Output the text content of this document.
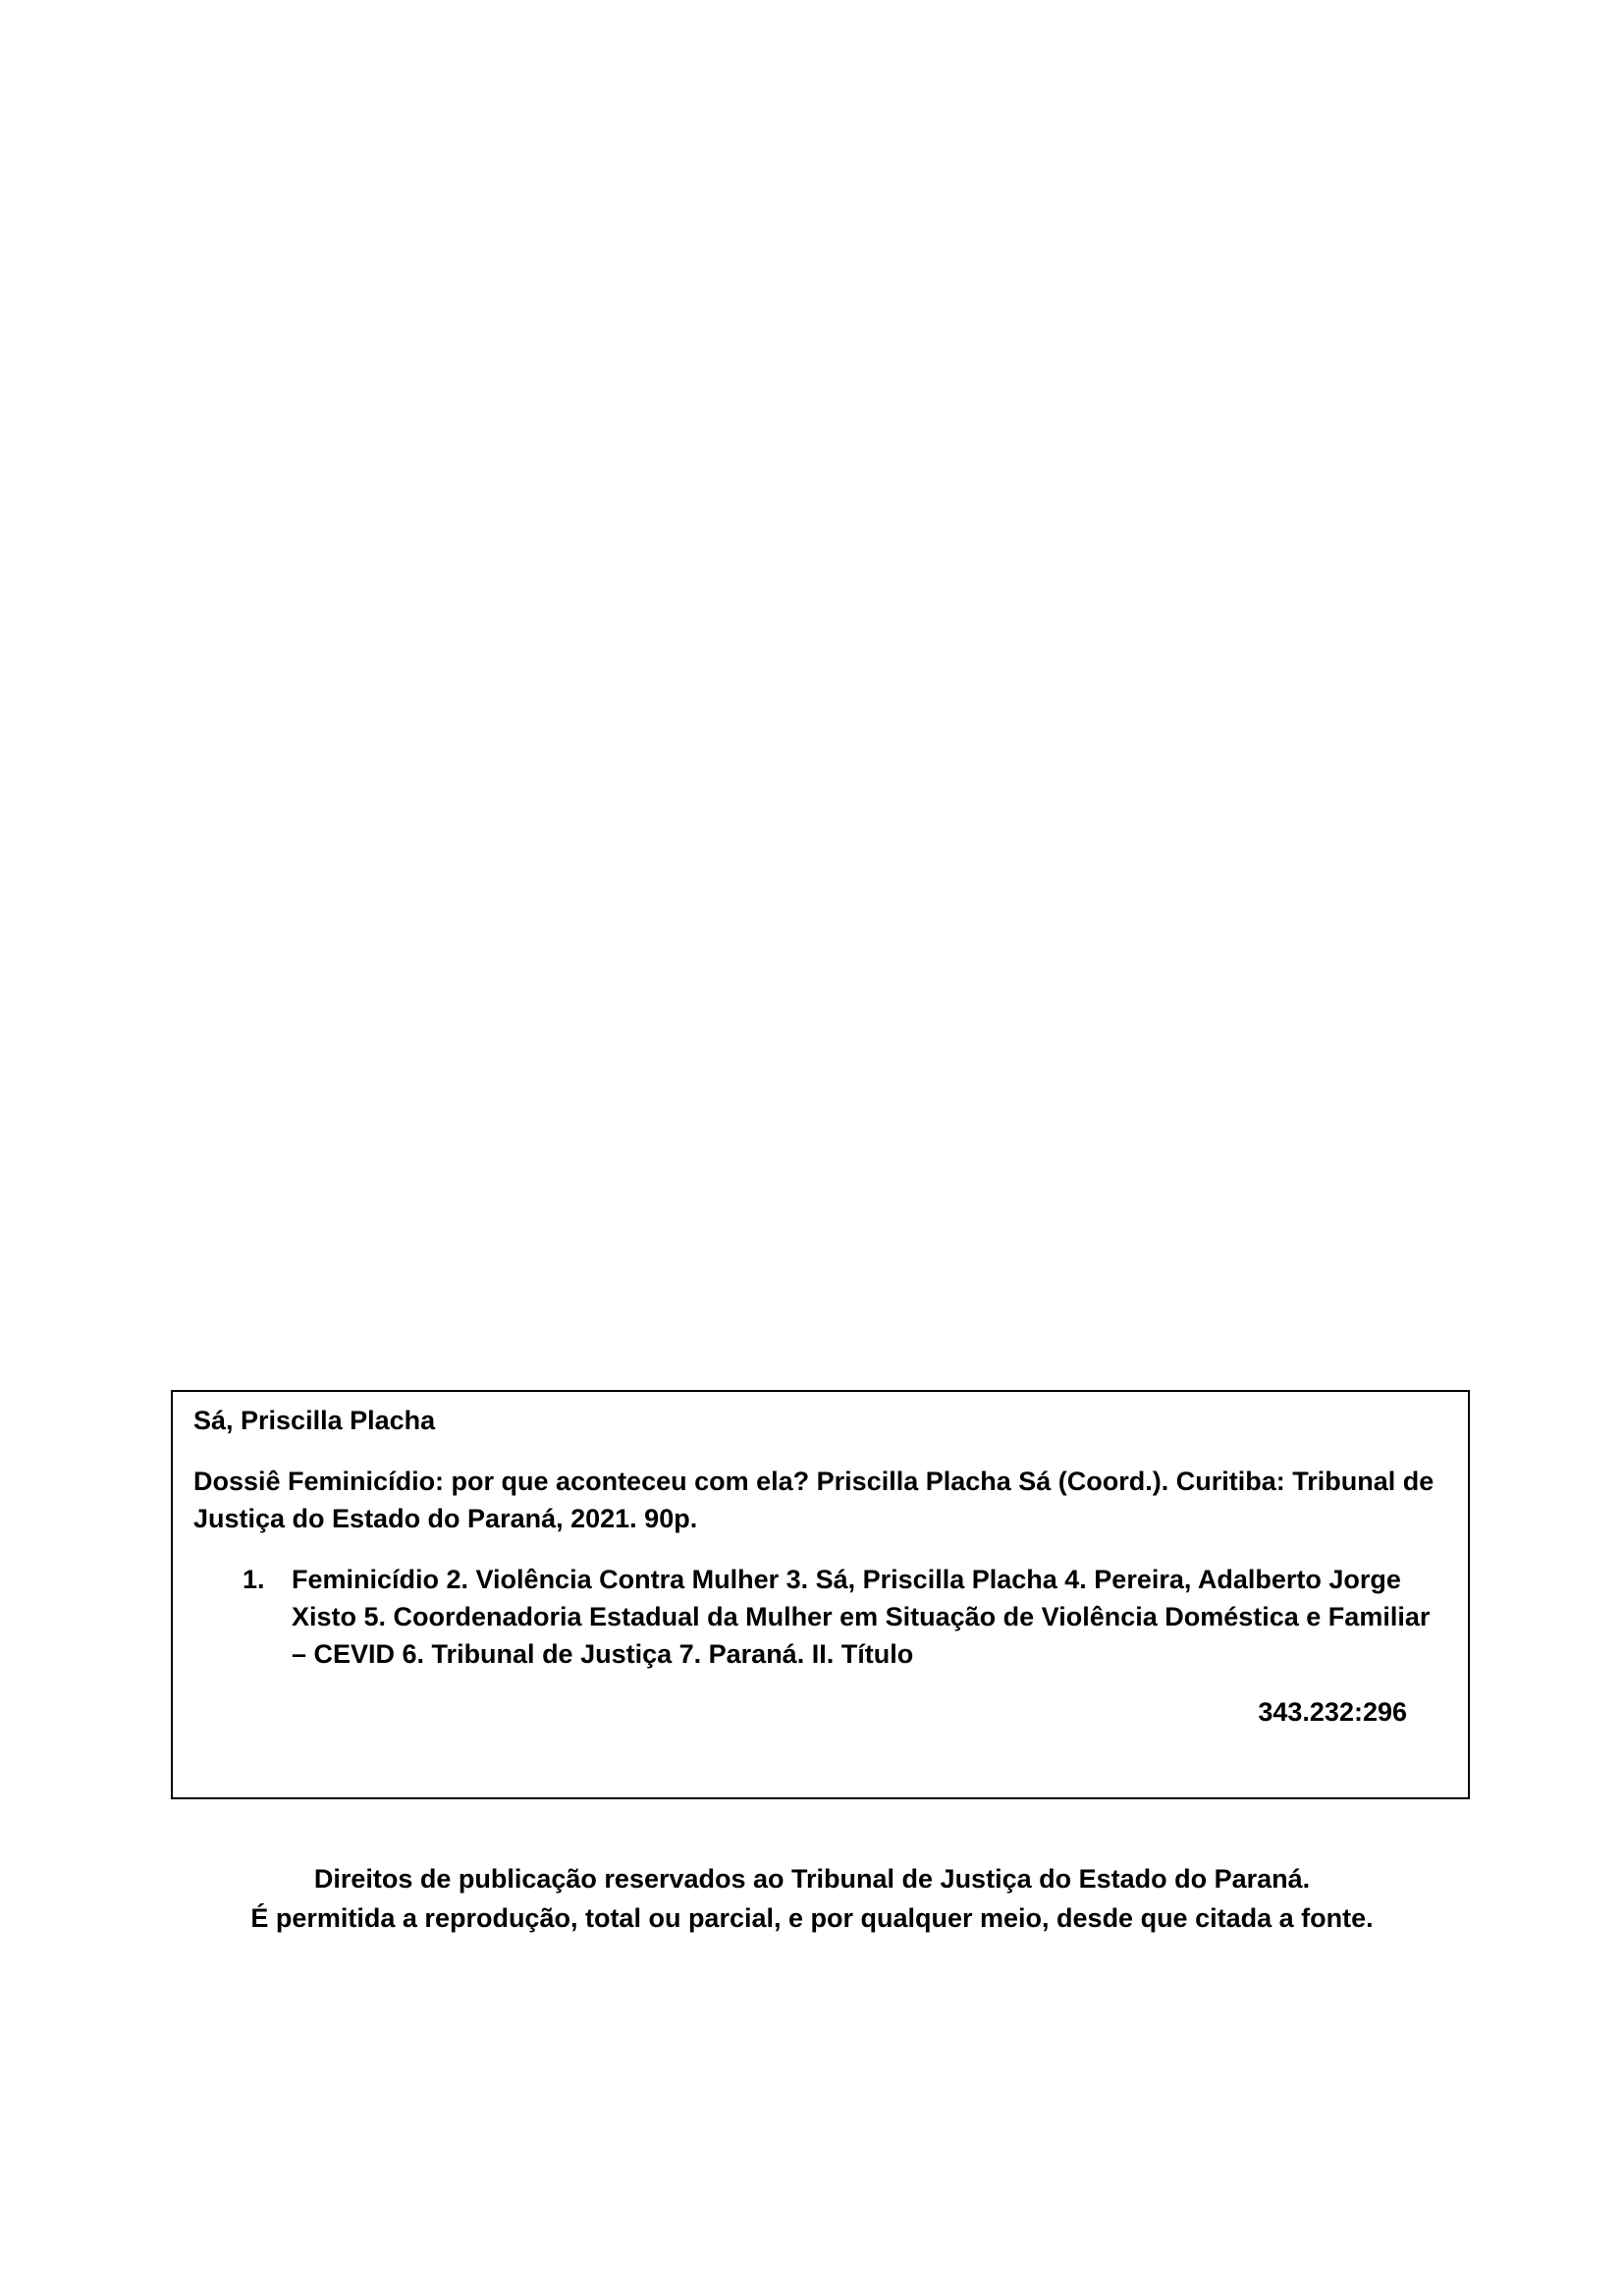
Sá, Priscilla Placha

Dossiê Feminicídio: por que aconteceu com ela? Priscilla Placha Sá (Coord.). Curitiba: Tribunal de Justiça do Estado do Paraná, 2021. 90p.

1. Feminicídio 2. Violência Contra Mulher 3. Sá, Priscilla Placha 4. Pereira, Adalberto Jorge Xisto 5. Coordenadoria Estadual da Mulher em Situação de Violência Doméstica e Familiar – CEVID 6. Tribunal de Justiça 7. Paraná. II. Título

343.232:296

Direitos de publicação reservados ao Tribunal de Justiça do Estado do Paraná.

É permitida a reprodução, total ou parcial, e por qualquer meio, desde que citada a fonte.
